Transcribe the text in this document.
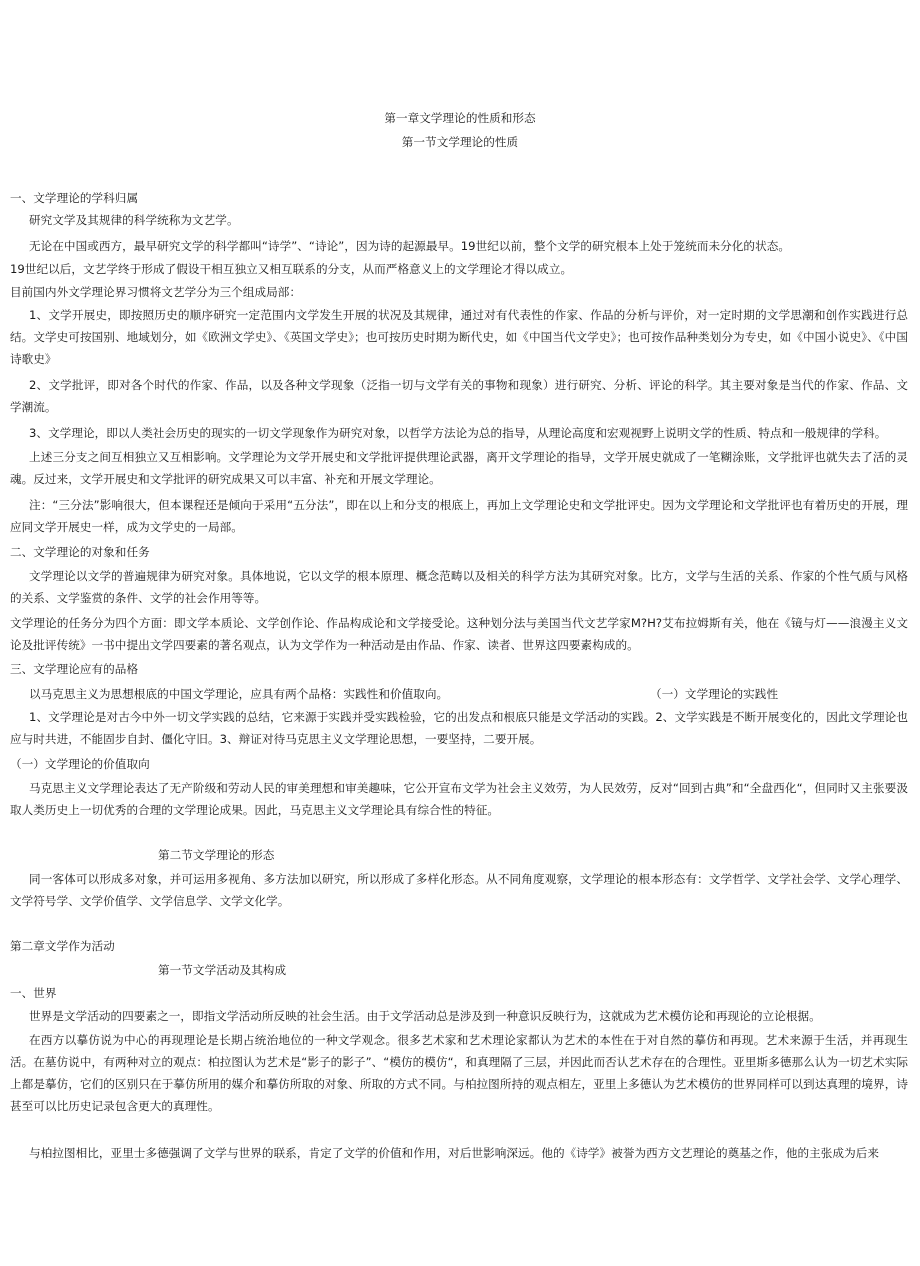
第一章文学理论的性质和形态
第一节文学理论的性质
一、文学理论的学科归属
研究文学及其规律的科学统称为文艺学。
无论在中国或西方，最早研究文学的科学都叫“诗学”、“诗论”，因为诗的起源最早。19世纪以前，整个文学的研究根本上处于笼统而未分化的状态。
19世纪以后，文艺学终于形成了假设干相互独立又相互联系的分支，从而严格意义上的文学理论才得以成立。
目前国内外文学理论界习惯将文艺学分为三个组成局部：
1、文学开展史，即按照历史的顺序研究一定范围内文学发生开展的状况及其规律，通过对有代表性的作家、作品的分析与评价，对一定时期的文学思潮和创作实践进行总结。文学史可按国别、地域划分，如《欧洲文学史》、《英国文学史》；也可按历史时期为断代史，如《中国当代文学史》；也可按作品种类划分为专史，如《中国小说史》、《中国诗歌史》
2、文学批评，即对各个时代的作家、作品，以及各种文学现象（泛指一切与文学有关的事物和现象）进行研究、分析、评论的科学。其主要对象是当代的作家、作品、文学潮流。
3、文学理论，即以人类社会历史的现实的一切文学现象作为研究对象，以哲学方法论为总的指导，从理论高度和宏观视野上说明文学的性质、特点和一般规律的学科。
上述三分支之间互相独立又互相影响。文学理论为文学开展史和文学批评提供理论武器，离开文学理论的指导，文学开展史就成了一笔糊涂账，文学批评也就失去了活的灵魂。反过来，文学开展史和文学批评的研究成果又可以丰富、补充和开展文学理论。
注：“三分法”影响很大，但本课程还是倾向于采用“五分法”，即在以上和分支的根底上，再加上文学理论史和文学批评史。因为文学理论和文学批评也有着历史的开展，理应同文学开展史一样，成为文学史的一局部。
二、文学理论的对象和任务
文学理论以文学的普遍规律为研究对象。具体地说，它以文学的根本原理、概念范畴以及相关的科学方法为其研究对象。比方，文学与生活的关系、作家的个性气质与风格的关系、文学鉴赏的条件、文学的社会作用等等。
文学理论的任务分为四个方面：即文学本质论、文学创作论、作品构成论和文学接受论。这种划分法与美国当代文艺学家M?H?艾布拉姆斯有关，他在《镜与灯——浪漫主义文论及批评传统》一书中提出文学四要素的著名观点，认为文学作为一种活动是由作品、作家、读者、世界这四要素构成的。
三、文学理论应有的品格
以马克思主义为思想根底的中国文学理论，应具有两个品格：实践性和价值取向。	（一）文学理论的实践性
1、文学理论是对古今中外一切文学实践的总结，它来源于实践并受实践检验，它的出发点和根底只能是文学活动的实践。2、文学实践是不断开展变化的，因此文学理论也应与时共进，不能固步自封、僵化守旧。3、辩证对待马克思主义文学理论思想，一要坚持，二要开展。
（一）文学理论的价值取向
马克思主义文学理论表达了无产阶级和劳动人民的审美理想和审美趣味，它公开宣布文学为社会主义效劳，为人民效劳，反对“回到古典”和“全盘西化“，但同时又主张要汲取人类历史上一切优秀的合理的文学理论成果。因此，马克思主义文学理论具有综合性的特征。
第二节文学理论的形态
同一客体可以形成多对象，并可运用多视角、多方法加以研究，所以形成了多样化形态。从不同角度观察，文学理论的根本形态有：文学哲学、文学社会学、文学心理学、文学符号学、文学价值学、文学信息学、文学文化学。
第二章文学作为活动
第一节文学活动及其构成
一、世界
世界是文学活动的四要素之一，即指文学活动所反映的社会生活。由于文学活动总是涉及到一种意识反映行为，这就成为艺术模仿论和再现论的立论根据。
在西方以摹仿说为中心的再现理论是长期占统治地位的一种文学观念。很多艺术家和艺术理论家都认为艺术的本性在于对自然的摹仿和再现。艺术来源于生活，并再现生活。在墓仿说中，有两种对立的观点：柏拉图认为艺术是“影子的影子”、“模仿的模仿“，和真理隔了三层，并因此而否认艺术存在的合理性。亚里斯多德那么认为一切艺术实际上都是摹仿，它们的区别只在于摹仿所用的媒介和摹仿所取的对象、所取的方式不同。与柏拉图所持的观点相左，亚里上多德认为艺术模仿的世界同样可以到达真理的境界，诗甚至可以比历史记录包含更大的真理性。
与柏拉图相比，亚里士多德强调了文学与世界的联系，肯定了文学的价值和作用，对后世影响深远。他的《诗学》被誉为西方文艺理论的奠基之作，他的主张成为后来
